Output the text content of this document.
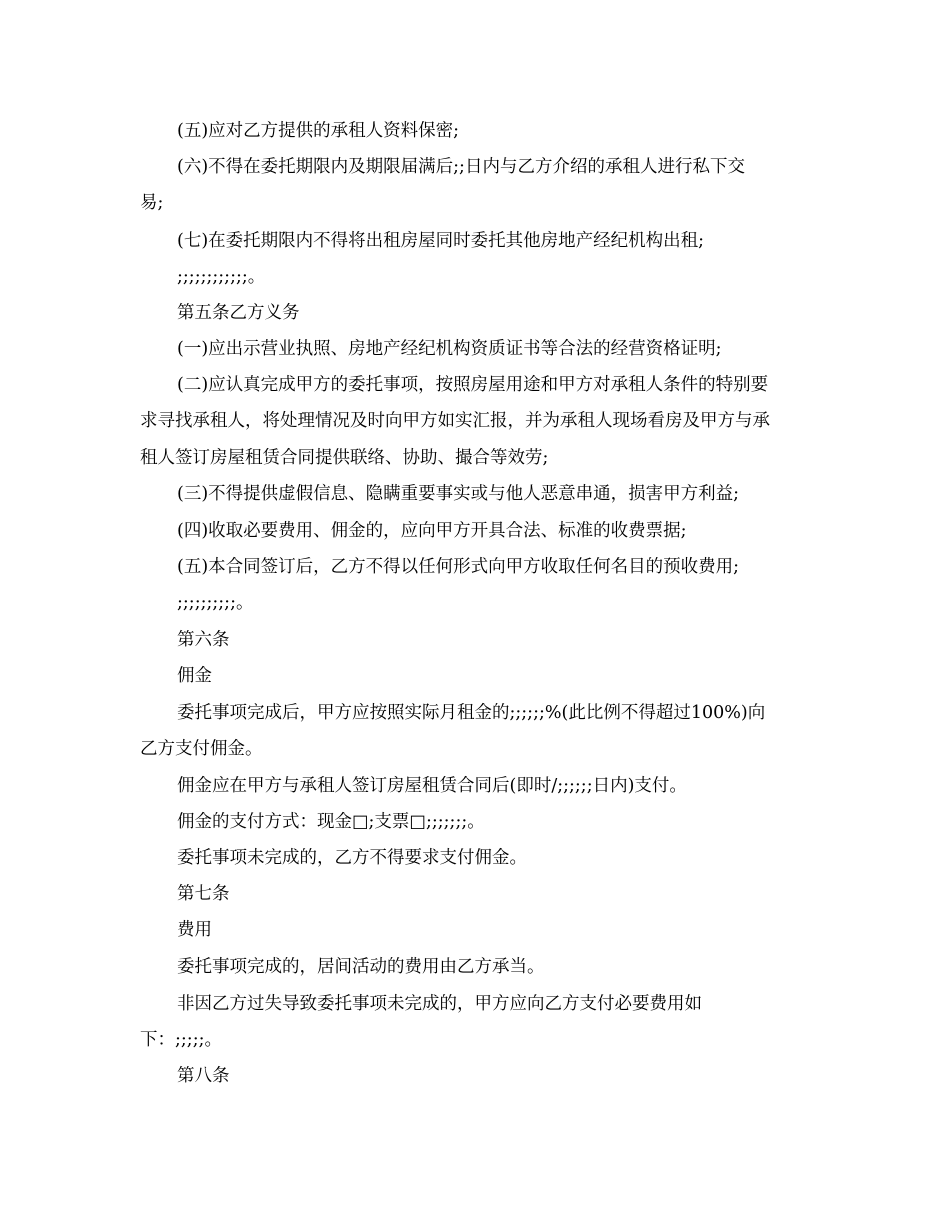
(五)应对乙方提供的承租人资料保密;

(六)不得在委托期限内及期限届满后;;日内与乙方介绍的承租人进行私下交

易;

(七)在委托期限内不得将出租房屋同时委托其他房地产经纪机构出租;

;;;;;;;;;;;;。

第五条乙方义务

(一)应出示营业执照、房地产经纪机构资质证书等合法的经营资格证明;

(二)应认真完成甲方的委托事项，按照房屋用途和甲方对承租人条件的特别要

求寻找承租人，将处理情况及时向甲方如实汇报，并为承租人现场看房及甲方与承

租人签订房屋租赁合同提供联络、协助、撮合等效劳;

(三)不得提供虚假信息、隐瞒重要事实或与他人恶意串通，损害甲方利益;

(四)收取必要费用、佣金的，应向甲方开具合法、标准的收费票据;

(五)本合同签订后，乙方不得以任何形式向甲方收取任何名目的预收费用;

;;;;;;;;;;。

第六条

佣金

委托事项完成后，甲方应按照实际月租金的;;;;;;%(此比例不得超过100%)向

乙方支付佣金。

佣金应在甲方与承租人签订房屋租赁合同后(即时/;;;;;;日内)支付。

佣金的支付方式：现金□;支票□;;;;;;;。

委托事项未完成的，乙方不得要求支付佣金。

第七条

费用

委托事项完成的，居间活动的费用由乙方承当。

非因乙方过失导致委托事项未完成的，甲方应向乙方支付必要费用如

下：;;;;;。

第八条
